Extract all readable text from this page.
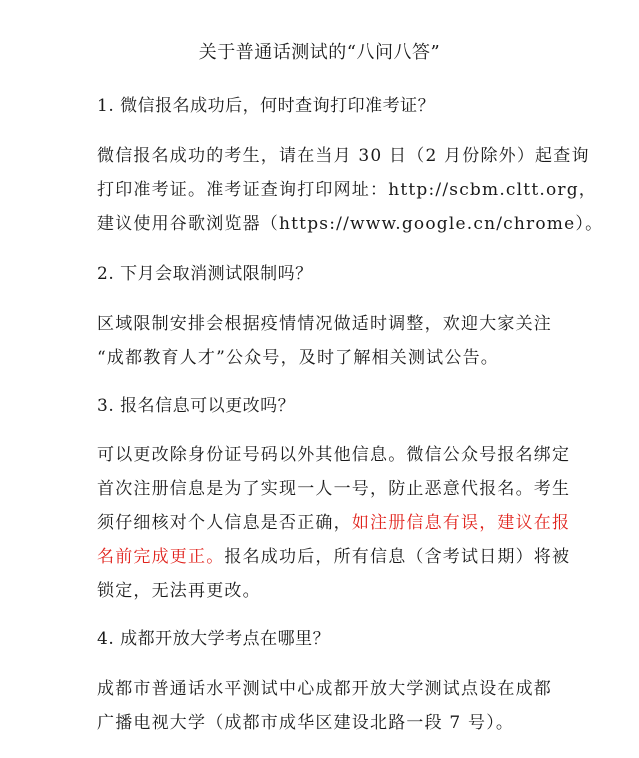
关于普通话测试的“八问八答”
1. 微信报名成功后，何时查询打印准考证？
微信报名成功的考生，请在当月 30 日（2 月份除外）起查询
打印准考证。准考证查询打印网址：http://scbm.cltt.org，
建议使用谷歌浏览器（https://www.google.cn/chrome）。
2. 下月会取消测试限制吗？
区域限制安排会根据疫情情况做适时调整，欢迎大家关注
“成都教育人才”公众号，及时了解相关测试公告。
3. 报名信息可以更改吗？
可以更改除身份证号码以外其他信息。微信公众号报名绑定
首次注册信息是为了实现一人一号，防止恶意代报名。考生
须仔细核对个人信息是否正确，如注册信息有误，建议在报
名前完成更正。报名成功后，所有信息（含考试日期）将被
锁定，无法再更改。
4. 成都开放大学考点在哪里？
成都市普通话水平测试中心成都开放大学测试点设在成都
广播电视大学（成都市成华区建设北路一段 7 号）。
